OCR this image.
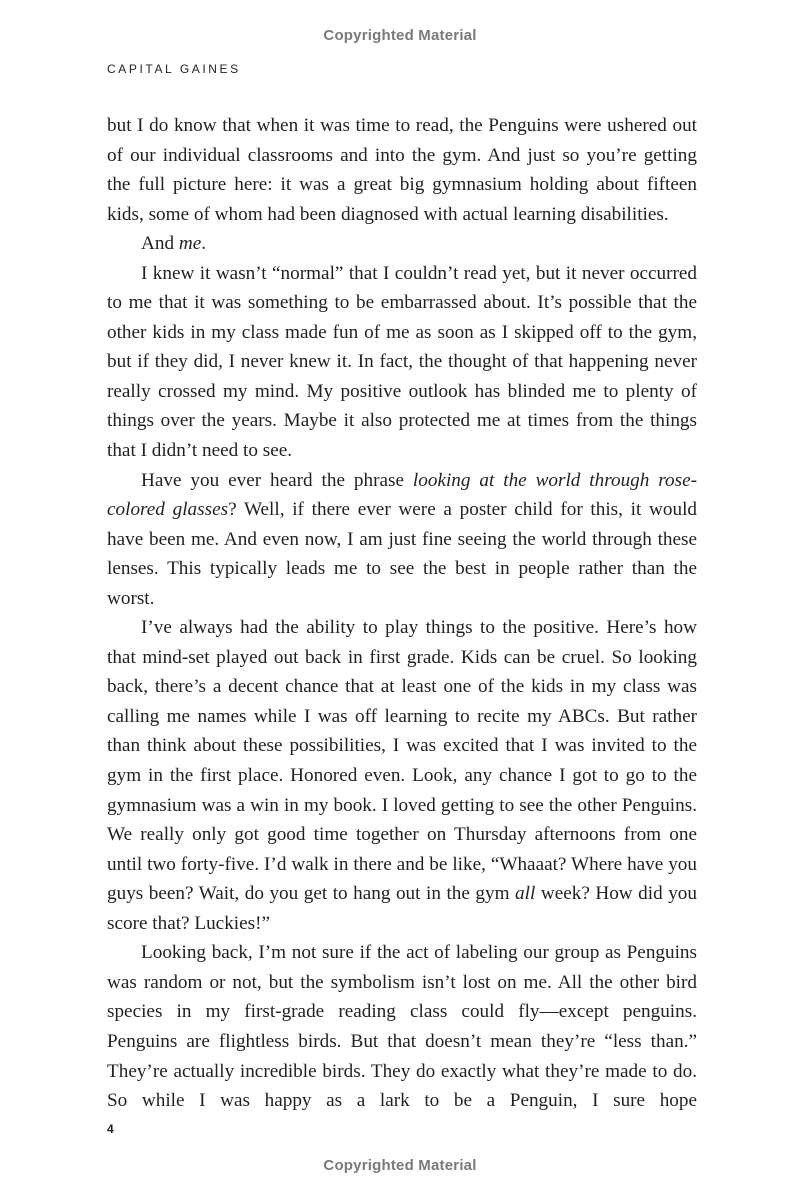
Copyrighted Material
CAPITAL GAINES

but I do know that when it was time to read, the Penguins were ushered out of our individual classrooms and into the gym. And just so you’re getting the full picture here: it was a great big gymnasium holding about fifteen kids, some of whom had been diagnosed with actual learning disabilities.

And me.

I knew it wasn’t “normal” that I couldn’t read yet, but it never occurred to me that it was something to be embarrassed about. It’s possible that the other kids in my class made fun of me as soon as I skipped off to the gym, but if they did, I never knew it. In fact, the thought of that happening never really crossed my mind. My positive outlook has blinded me to plenty of things over the years. Maybe it also protected me at times from the things that I didn’t need to see.

Have you ever heard the phrase looking at the world through rose-colored glasses? Well, if there ever were a poster child for this, it would have been me. And even now, I am just fine seeing the world through these lenses. This typically leads me to see the best in people rather than the worst.

I’ve always had the ability to play things to the positive. Here’s how that mind-set played out back in first grade. Kids can be cruel. So looking back, there’s a decent chance that at least one of the kids in my class was calling me names while I was off learning to recite my ABCs. But rather than think about these possibilities, I was excited that I was invited to the gym in the first place. Honored even. Look, any chance I got to go to the gymnasium was a win in my book. I loved getting to see the other Penguins. We really only got good time together on Thursday afternoons from one until two forty-five. I’d walk in there and be like, “Whaaat? Where have you guys been? Wait, do you get to hang out in the gym all week? How did you score that? Luckies!”

Looking back, I’m not sure if the act of labeling our group as Penguins was random or not, but the symbolism isn’t lost on me. All the other bird species in my first-grade reading class could fly—except penguins. Penguins are flightless birds. But that doesn’t mean they’re “less than.” They’re actually incredible birds. They do exactly what they’re made to do. So while I was happy as a lark to be a Penguin, I sure hope

4
Copyrighted Material
